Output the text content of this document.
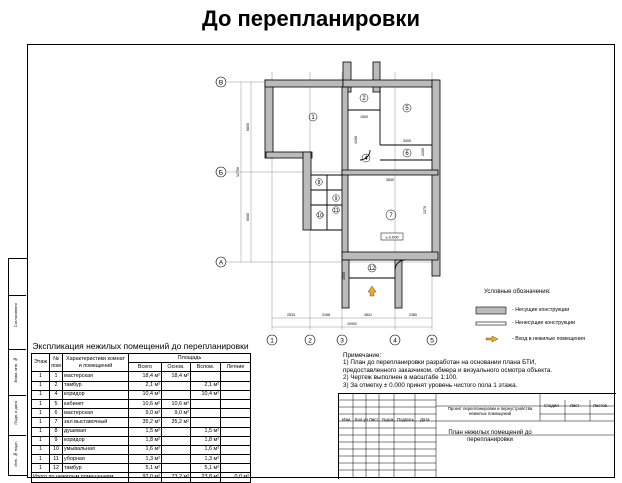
До перепланировки
Согласовано
Взам. инв. №
Подп. и дата
Инв. № подл.
1
2
4
5
6
7
8
9
10
11
12
± 0.000
В
Б
А
1	2	3	4	5
12700
6800
6000
10902
2533	2168	3831	2380
1500
4190
3830
2370
3400
1500
2200
Условные обозначения:
- Несущие конструкции
- Ненесущие конструкции
- Вход в нежилые помещения
Экспликация нежилых помещений до перепланировки
Этаж	№ пом	Характеристики комнат и помещений	Площадь			
			Всего	Основ.	Вспом.	Летние
1	1	мастерская	18,4 м²	18,4 м²		
1	2	тамбур	2,1 м²		2,1 м²	
1	4	коридор	10,4 м²		10,4 м²	
1	5	кабинет	10,6 м²	10,6 м²		
1	6	мастерская	9,0 м²	9,0 м²		
1	7	зал выставочный	35,2 м²	35,2 м²		
1	8	душевая	1,5 м²		1,5 м²	
1	9	коридор	1,8 м²		1,8 м²	
1	10	умывальная	1,6 м²		1,6 м²	
1	11	уборная	1,3 м²		1,3 м²	
1	12	тамбур	5,1 м²		5,1 м²	
Итого по нежилым помещениям			97,0 м²	73,2 м²	23,8 м²	0,0 м²
Примечание:
1) План до перепланировки разработан на основании плана БТИ,
предоставленного заказчиком, обмера и визуального осмотра объекта.
2) Чертеж выполнен в масштабе 1:100.
3) За отметку ± 0.000 принят уровень чистого пола 1 этажа.
Изм. Кол.уч Лист №док. Подпись Дата
Стадия	Лист	Листов
Проект перепланировки и переустройства нежилых помещений
План нежилых помещений до
перепланировки
